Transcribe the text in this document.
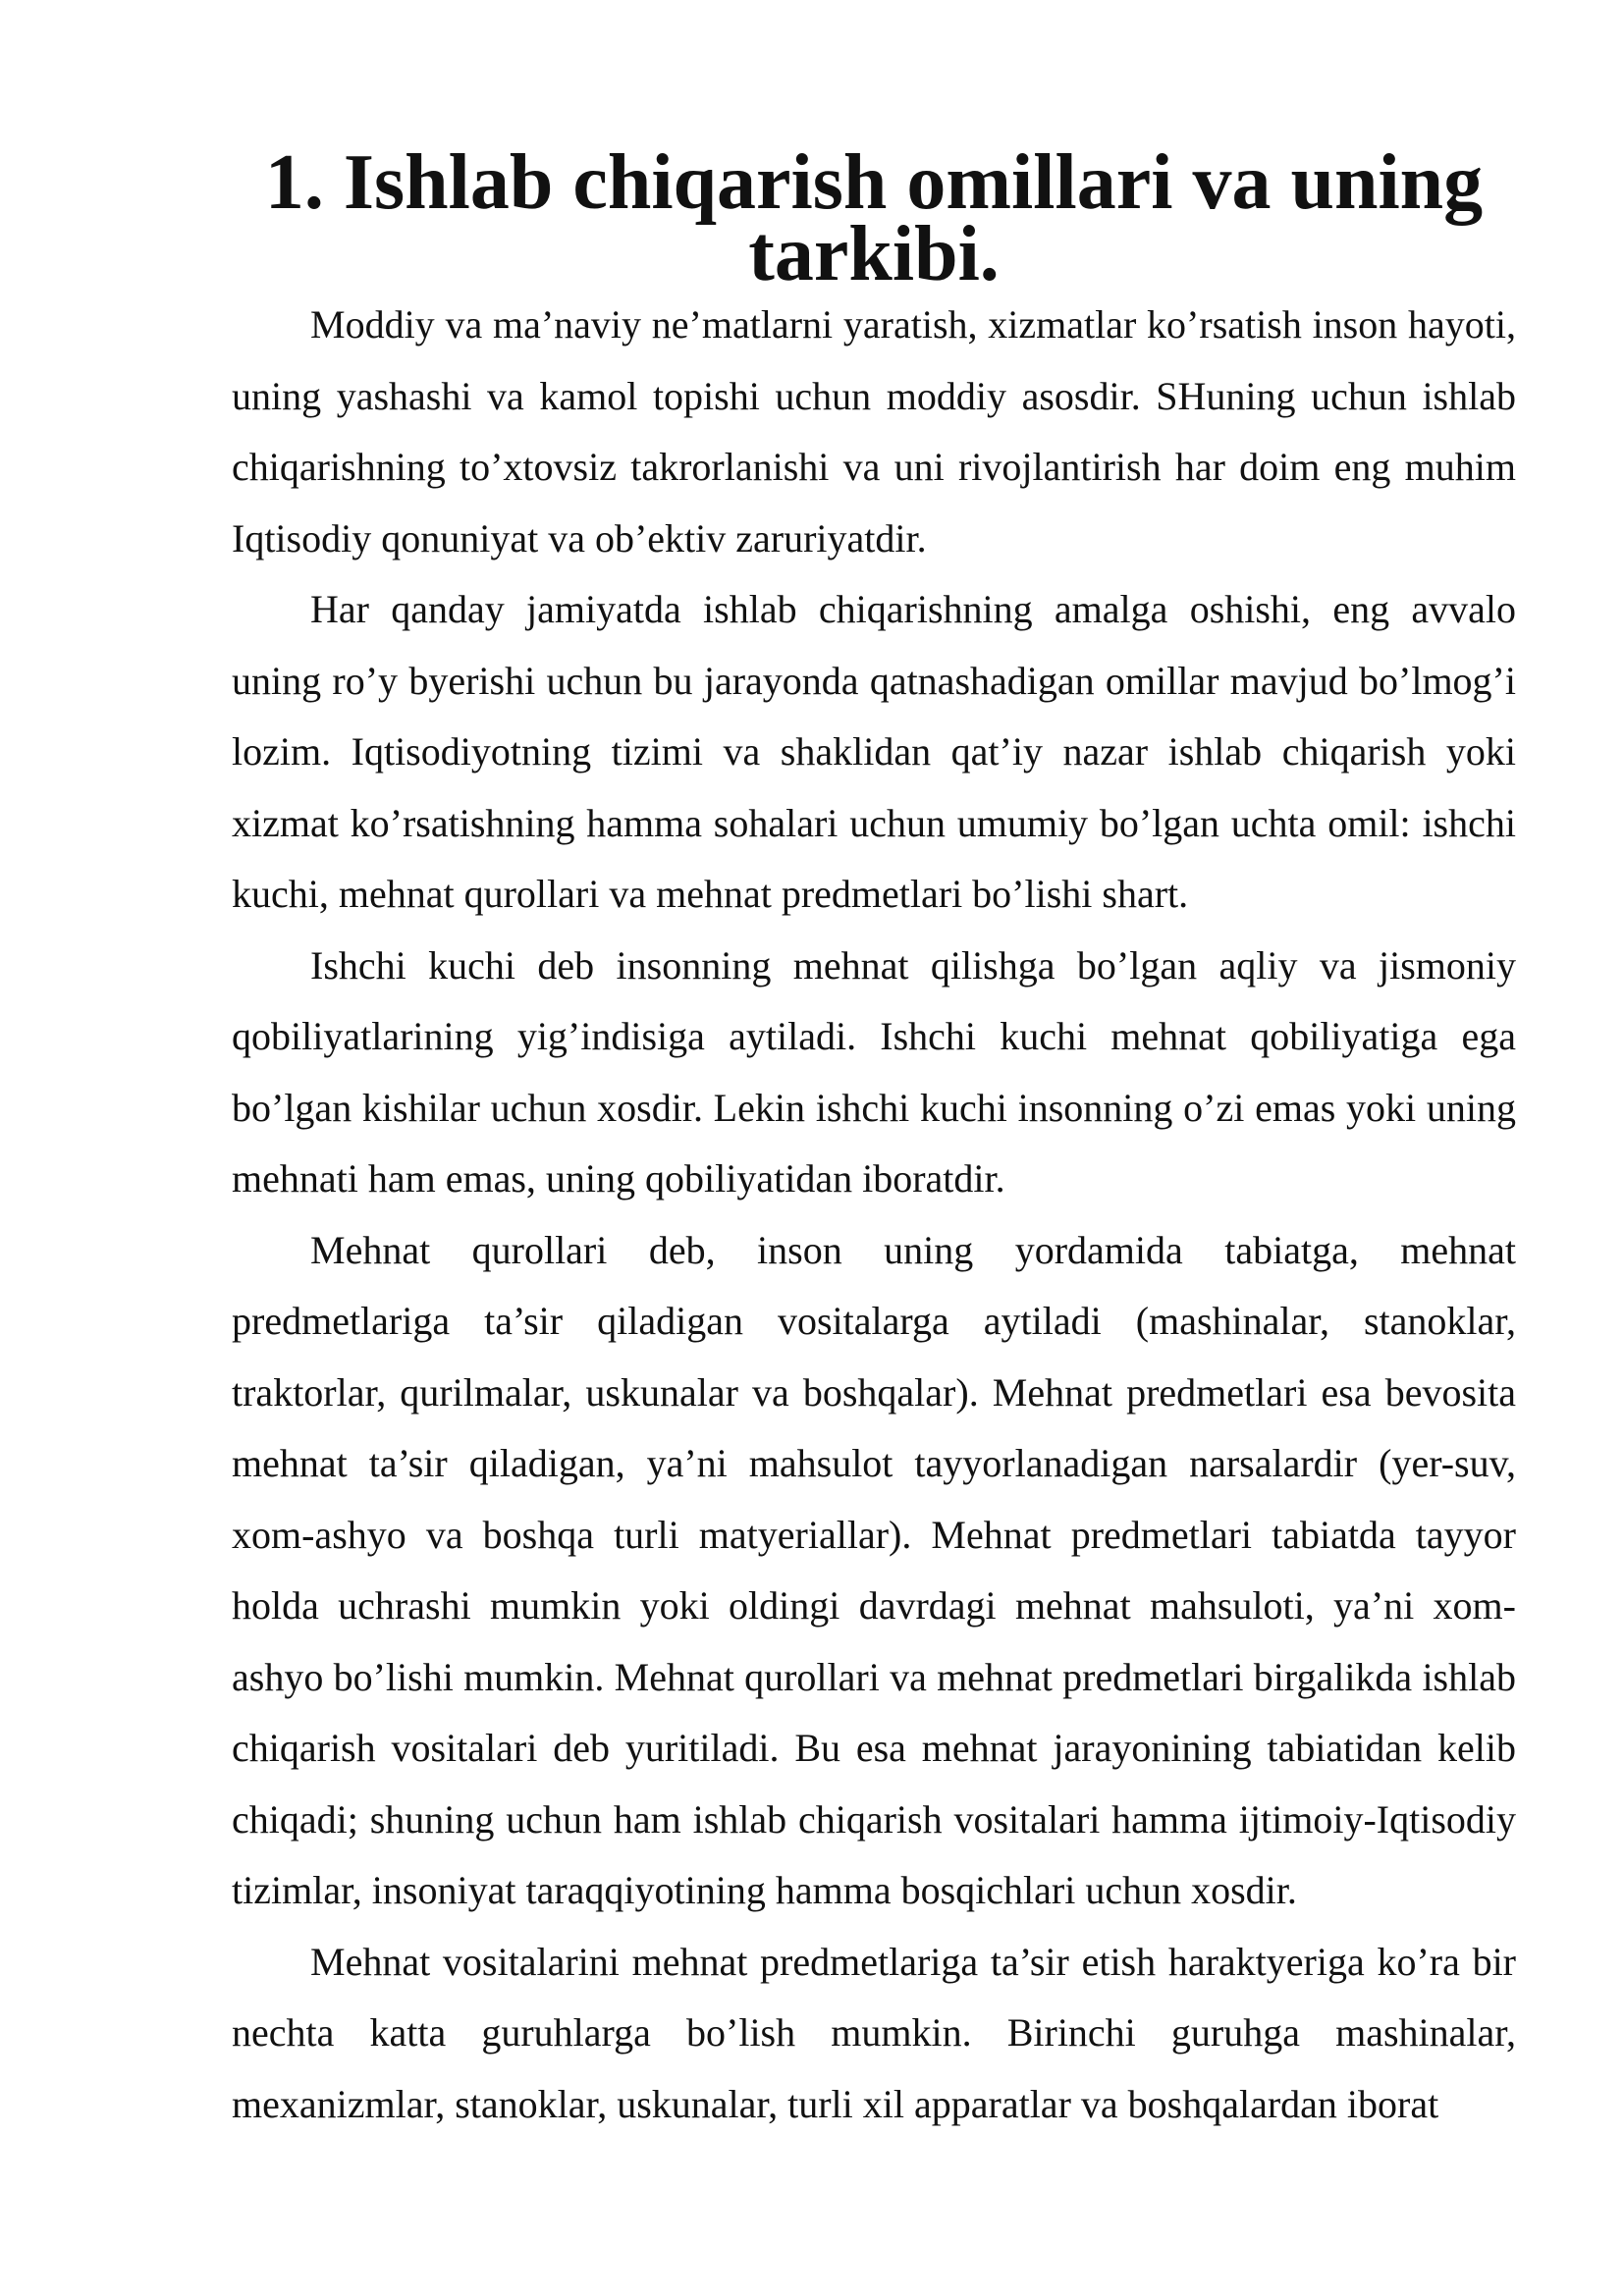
1. Ishlab chiqarish omillari va uning tarkibi.

Moddiy va ma’naviy ne’matlarni yaratish, xizmatlar ko’rsatish inson hayoti, uning yashashi va kamol topishi uchun moddiy asosdir. SHuning uchun ishlab chiqarishning to’xtovsiz takrorlanishi va uni rivojlantirish har doim eng muhim Iqtisodiy qonuniyat va ob’ektiv zaruriyatdir.

Har qanday jamiyatda ishlab chiqarishning amalga oshishi, eng avvalo uning ro’y byerishi uchun bu jarayonda qatnashadigan omillar mavjud bo’lmog’i lozim. Iqtisodiyotning tizimi va shaklidan qat’iy nazar ishlab chiqarish yoki xizmat ko’rsatishning hamma sohalari uchun umumiy bo’lgan uchta omil: ishchi kuchi, mehnat qurollari va mehnat predmetlari bo’lishi shart.

Ishchi kuchi deb insonning mehnat qilishga bo’lgan aqliy va jismoniy qobiliyatlarining yig’indisiga aytiladi. Ishchi kuchi mehnat qobiliyatiga ega bo’lgan kishilar uchun xosdir. Lekin ishchi kuchi insonning o’zi emas yoki uning mehnati ham emas, uning qobiliyatidan iboratdir.

Mehnat qurollari deb, inson uning yordamida tabiatga, mehnat predmetlariga ta’sir qiladigan vositalarga aytiladi (mashinalar, stanoklar, traktorlar, qurilmalar, uskunalar va boshqalar). Mehnat predmetlari esa bevosita mehnat ta’sir qiladigan, ya’ni mahsulot tayyorlanadigan narsalardir (yer-suv, xom-ashyo va boshqa turli matyeriallar). Mehnat predmetlari tabiatda tayyor holda uchrashi mumkin yoki oldingi davrdagi mehnat mahsuloti, ya’ni xom-ashyo bo’lishi mumkin. Mehnat qurollari va mehnat predmetlari birgalikda ishlab chiqarish vositalari deb yuritiladi. Bu esa mehnat jarayonining tabiatidan kelib chiqadi; shuning uchun ham ishlab chiqarish vositalari hamma ijtimoiy-Iqtisodiy tizimlar, insoniyat taraqqiyotining hamma bosqichlari uchun xosdir.

Mehnat vositalarini mehnat predmetlariga ta’sir etish haraktyeriga ko’ra bir nechta katta guruhlarga bo’lish mumkin. Birinchi guruhga mashinalar, mexanizmlar, stanoklar, uskunalar, turli xil apparatlar va boshqalardan iborat
